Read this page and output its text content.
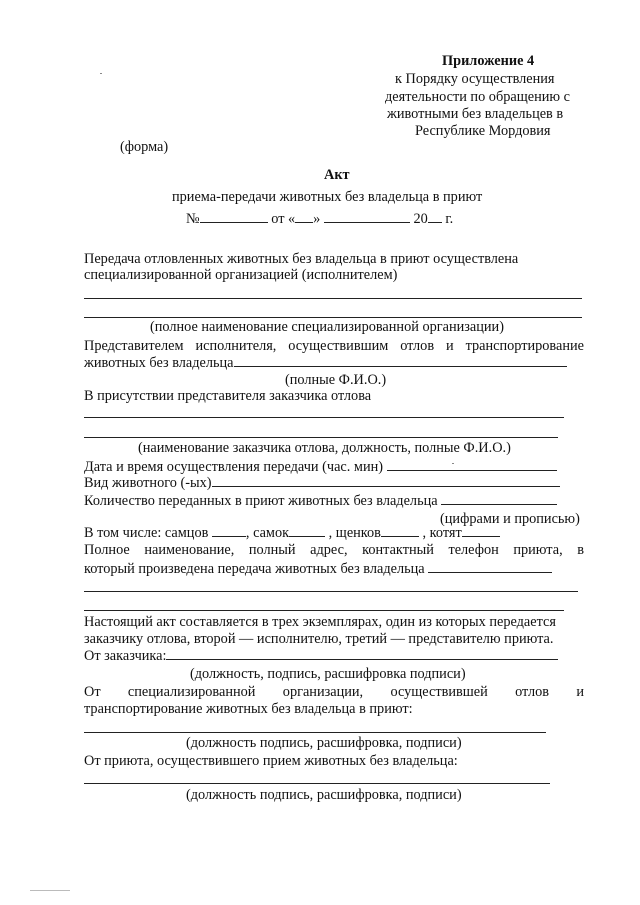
Приложение 4
к Порядку осуществления
деятельности по обращению с
животными без владельцев в
Республике Мордовия
(форма)
Акт
приема-передачи животных без владельца в приют
№	от « »	20 г.
Передача отловленных животных без владельца в приют осуществлена
специализированной организацией (исполнителем)
(полное наименование специализированной организации)
Представителем исполнителя, осуществившим отлов и транспортирование
животных без владельца
(полные Ф.И.О.)
В присутствии представителя заказчика отлова
(наименование заказчика отлова, должность, полные Ф.И.О.)
Дата и время осуществления передачи (час. мин)
Вид животного (-ых)
Количество переданных в приют животных без владельца
(цифрами и прописью)
В том числе: самцов	, самок	, щенков	, котят
Полное наименование, полный адрес, контактный телефон приюта, в
который произведена передача животных без владельца
Настоящий акт составляется в трех экземплярах, один из которых передается
заказчику отлова, второй — исполнителю, третий — представителю приюта.
От заказчика:
(должность, подпись, расшифровка подписи)
От специализированной организации, осуществившей отлов и
транспортирование животных без владельца в приют:
(должность подпись, расшифровка, подписи)
От приюта, осуществившего прием животных без владельца:
(должность подпись, расшифровка, подписи)
